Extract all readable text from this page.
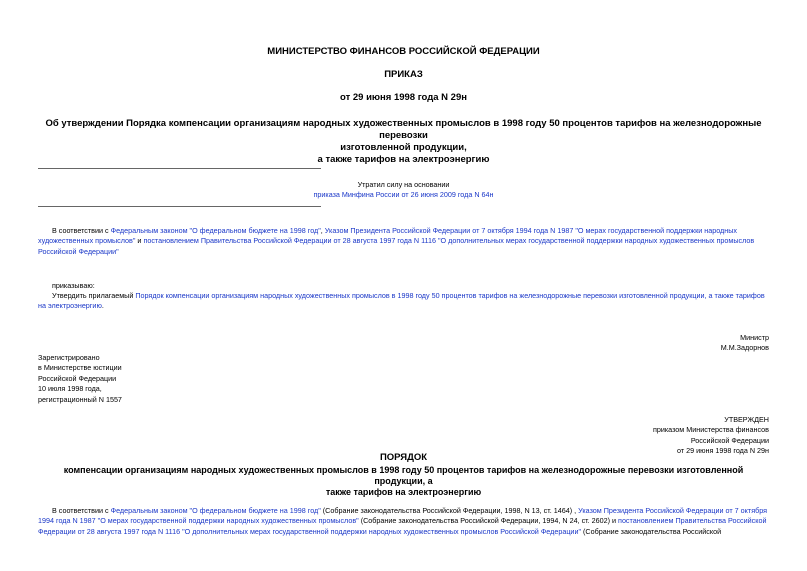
МИНИСТЕРСТВО ФИНАНСОВ РОССИЙСКОЙ ФЕДЕРАЦИИ
ПРИКАЗ
от 29 июня 1998 года N 29н
Об утверждении Порядка компенсации организациям народных художественных промыслов в 1998 году 50 процентов тарифов на железнодорожные перевозки
изготовленной продукции,
а также тарифов на электроэнергию
Утратил силу на основании
приказа Минфина России от 26 июня 2009 года N 64н
В соответствии с Федеральным законом "О федеральном бюджете на 1998 год", Указом Президента Российской Федерации от 7 октября 1994 года N 1987 "О мерах государственной поддержки народных художественных промыслов" и постановлением Правительства Российской Федерации от 28 августа 1997 года N 1116 "О дополнительных мерах государственной поддержки народных художественных промыслов Российской Федерации"
приказываю:
Утвердить прилагаемый Порядок компенсации организациям народных художественных промыслов в 1998 году 50 процентов тарифов на железнодорожные перевозки изготовленной продукции, а также тарифов на электроэнергию.
Министр
М.М.Задорнов
Зарегистрировано
в Министерстве юстиции
Российской Федерации
10 июля 1998 года,
регистрационный N 1557
УТВЕРЖДЕН
приказом Министерства финансов
Российской Федерации
от 29 июня 1998 года N 29н
ПОРЯДОК
компенсации организациям народных художественных промыслов в 1998 году 50 процентов тарифов на железнодорожные перевозки изготовленной продукции, а
также тарифов на электроэнергию
В соответствии с Федеральным законом "О федеральном бюджете на 1998 год" (Собрание законодательства Российской Федерации, 1998, N 13, ст. 1464) , Указом Президента Российской Федерации от 7 октября 1994 года N 1987 "О мерах государственной поддержки народных художественных промыслов" (Собрание законодательства Российской Федерации, 1994, N 24, ст. 2602) и постановлением Правительства Российской Федерации от 28 августа 1997 года N 1116 "О дополнительных мерах государственной поддержки народных художественных промыслов Российской Федерации" (Собрание законодательства Российской
